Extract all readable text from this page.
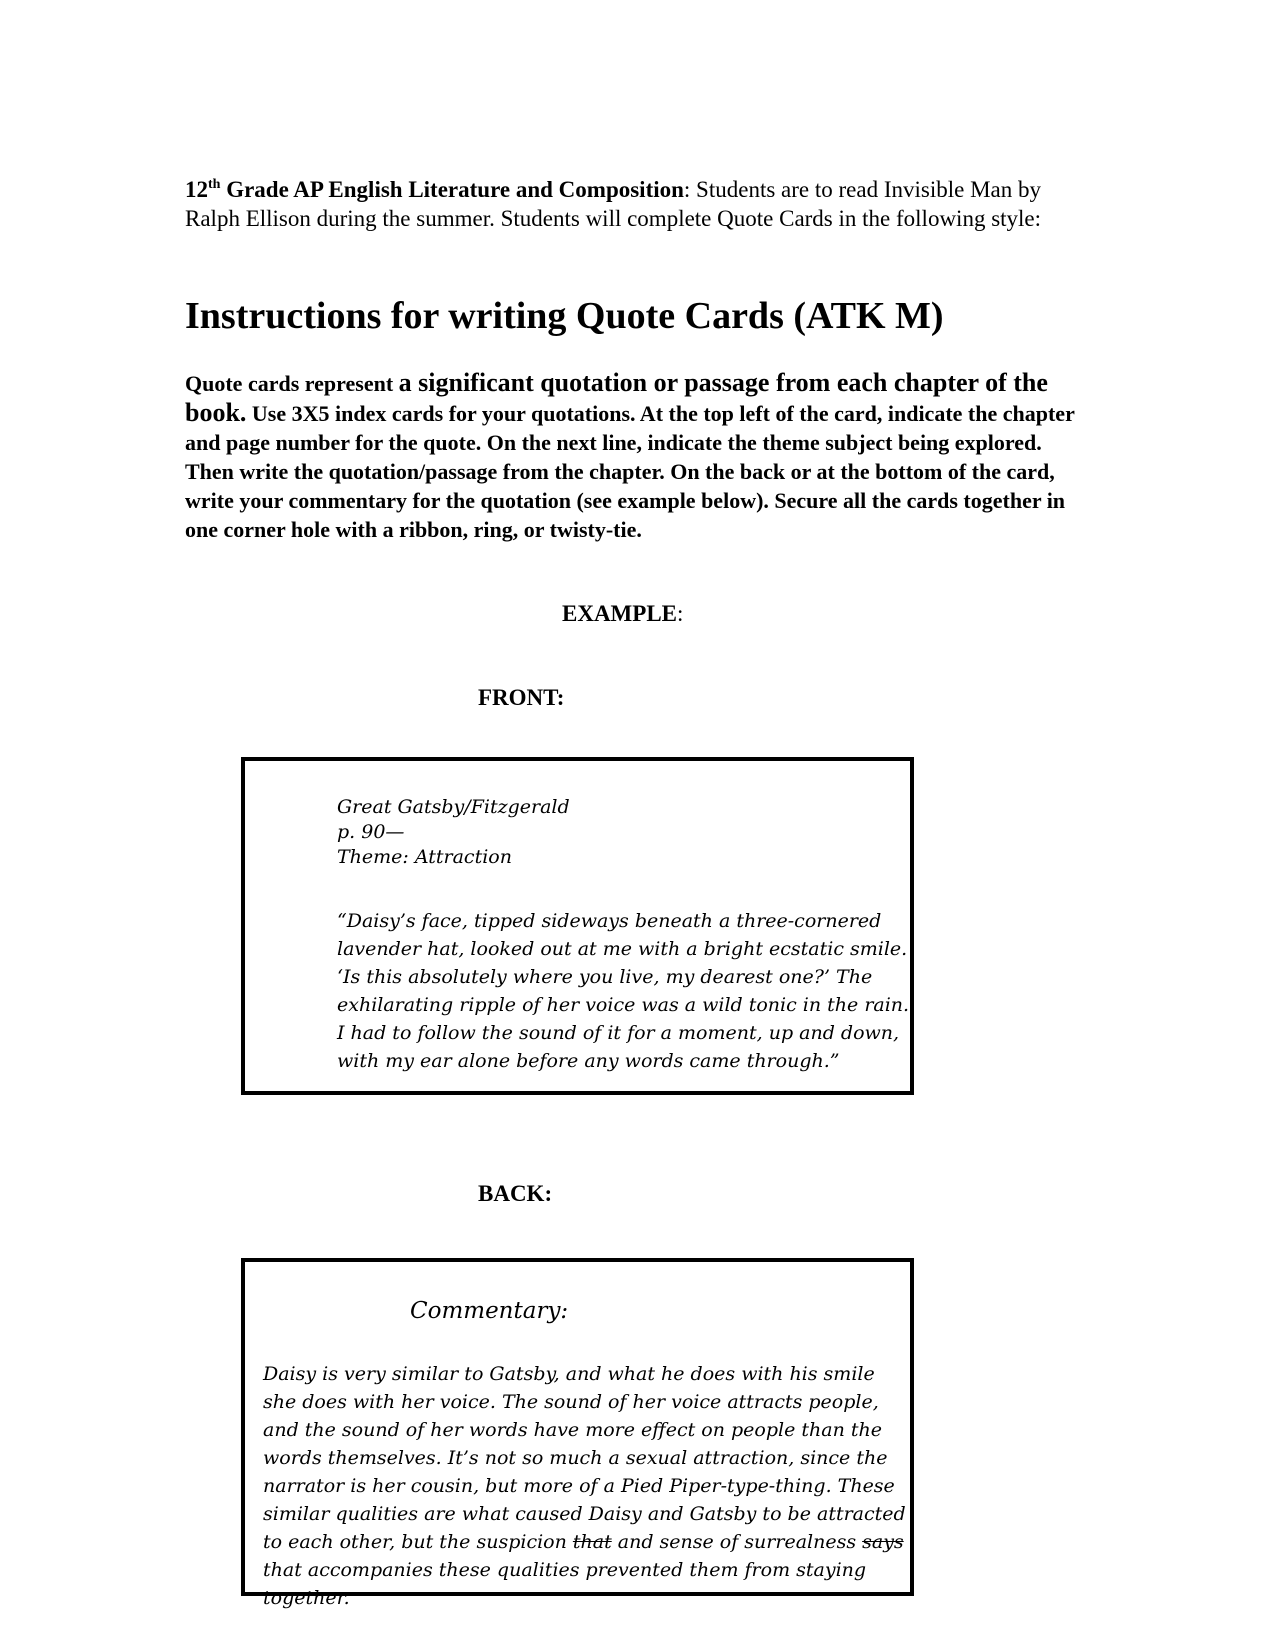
12th Grade AP English Literature and Composition: Students are to read Invisible Man by Ralph Ellison during the summer. Students will complete Quote Cards in the following style:
Instructions for writing Quote Cards (ATK M)
Quote cards represent a significant quotation or passage from each chapter of the book. Use 3X5 index cards for your quotations. At the top left of the card, indicate the chapter and page number for the quote. On the next line, indicate the theme subject being explored. Then write the quotation/passage from the chapter. On the back or at the bottom of the card, write your commentary for the quotation (see example below). Secure all the cards together in one corner hole with a ribbon, ring, or twisty-tie.
EXAMPLE:
FRONT:
Great Gatsby/Fitzgerald
p. 90—
Theme: Attraction
“Daisy’s face, tipped sideways beneath a three-cornered lavender hat, looked out at me with a bright ecstatic smile. ‘Is this absolutely where you live, my dearest one?’ The exhilarating ripple of her voice was a wild tonic in the rain. I had to follow the sound of it for a moment, up and down, with my ear alone before any words came through.”
BACK:
Commentary:
Daisy is very similar to Gatsby, and what he does with his smile she does with her voice. The sound of her voice attracts people, and the sound of her words have more effect on people than the words themselves. It’s not so much a sexual attraction, since the narrator is her cousin, but more of a Pied Piper-type-thing. These similar qualities are what caused Daisy and Gatsby to be attracted to each other, but the suspicion that and sense of surrealness says that accompanies these qualities prevented them from staying together.
